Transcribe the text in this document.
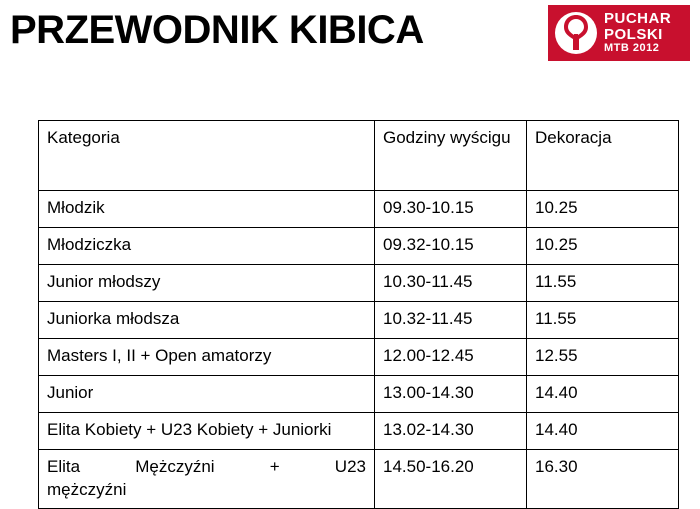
PRZEWODNIK KIBICA	PUCHAR
POLSKI
MTB 2012
Kategoria	Godziny wyścigu	Dekoracja
Młodzik	09.30-10.15	10.25
Młodziczka	09.32-10.15	10.25
Junior młodszy	10.30-11.45	11.55
Juniorka młodsza	10.32-11.45	11.55
Masters I, II + Open amatorzy	12.00-12.45	12.55
Junior	13.00-14.30	14.40
Elita Kobiety + U23 Kobiety + Juniorki	13.02-14.30	14.40

Elita Mężczyźni + U23
mężczyźni	14.50-16.20	16.30
